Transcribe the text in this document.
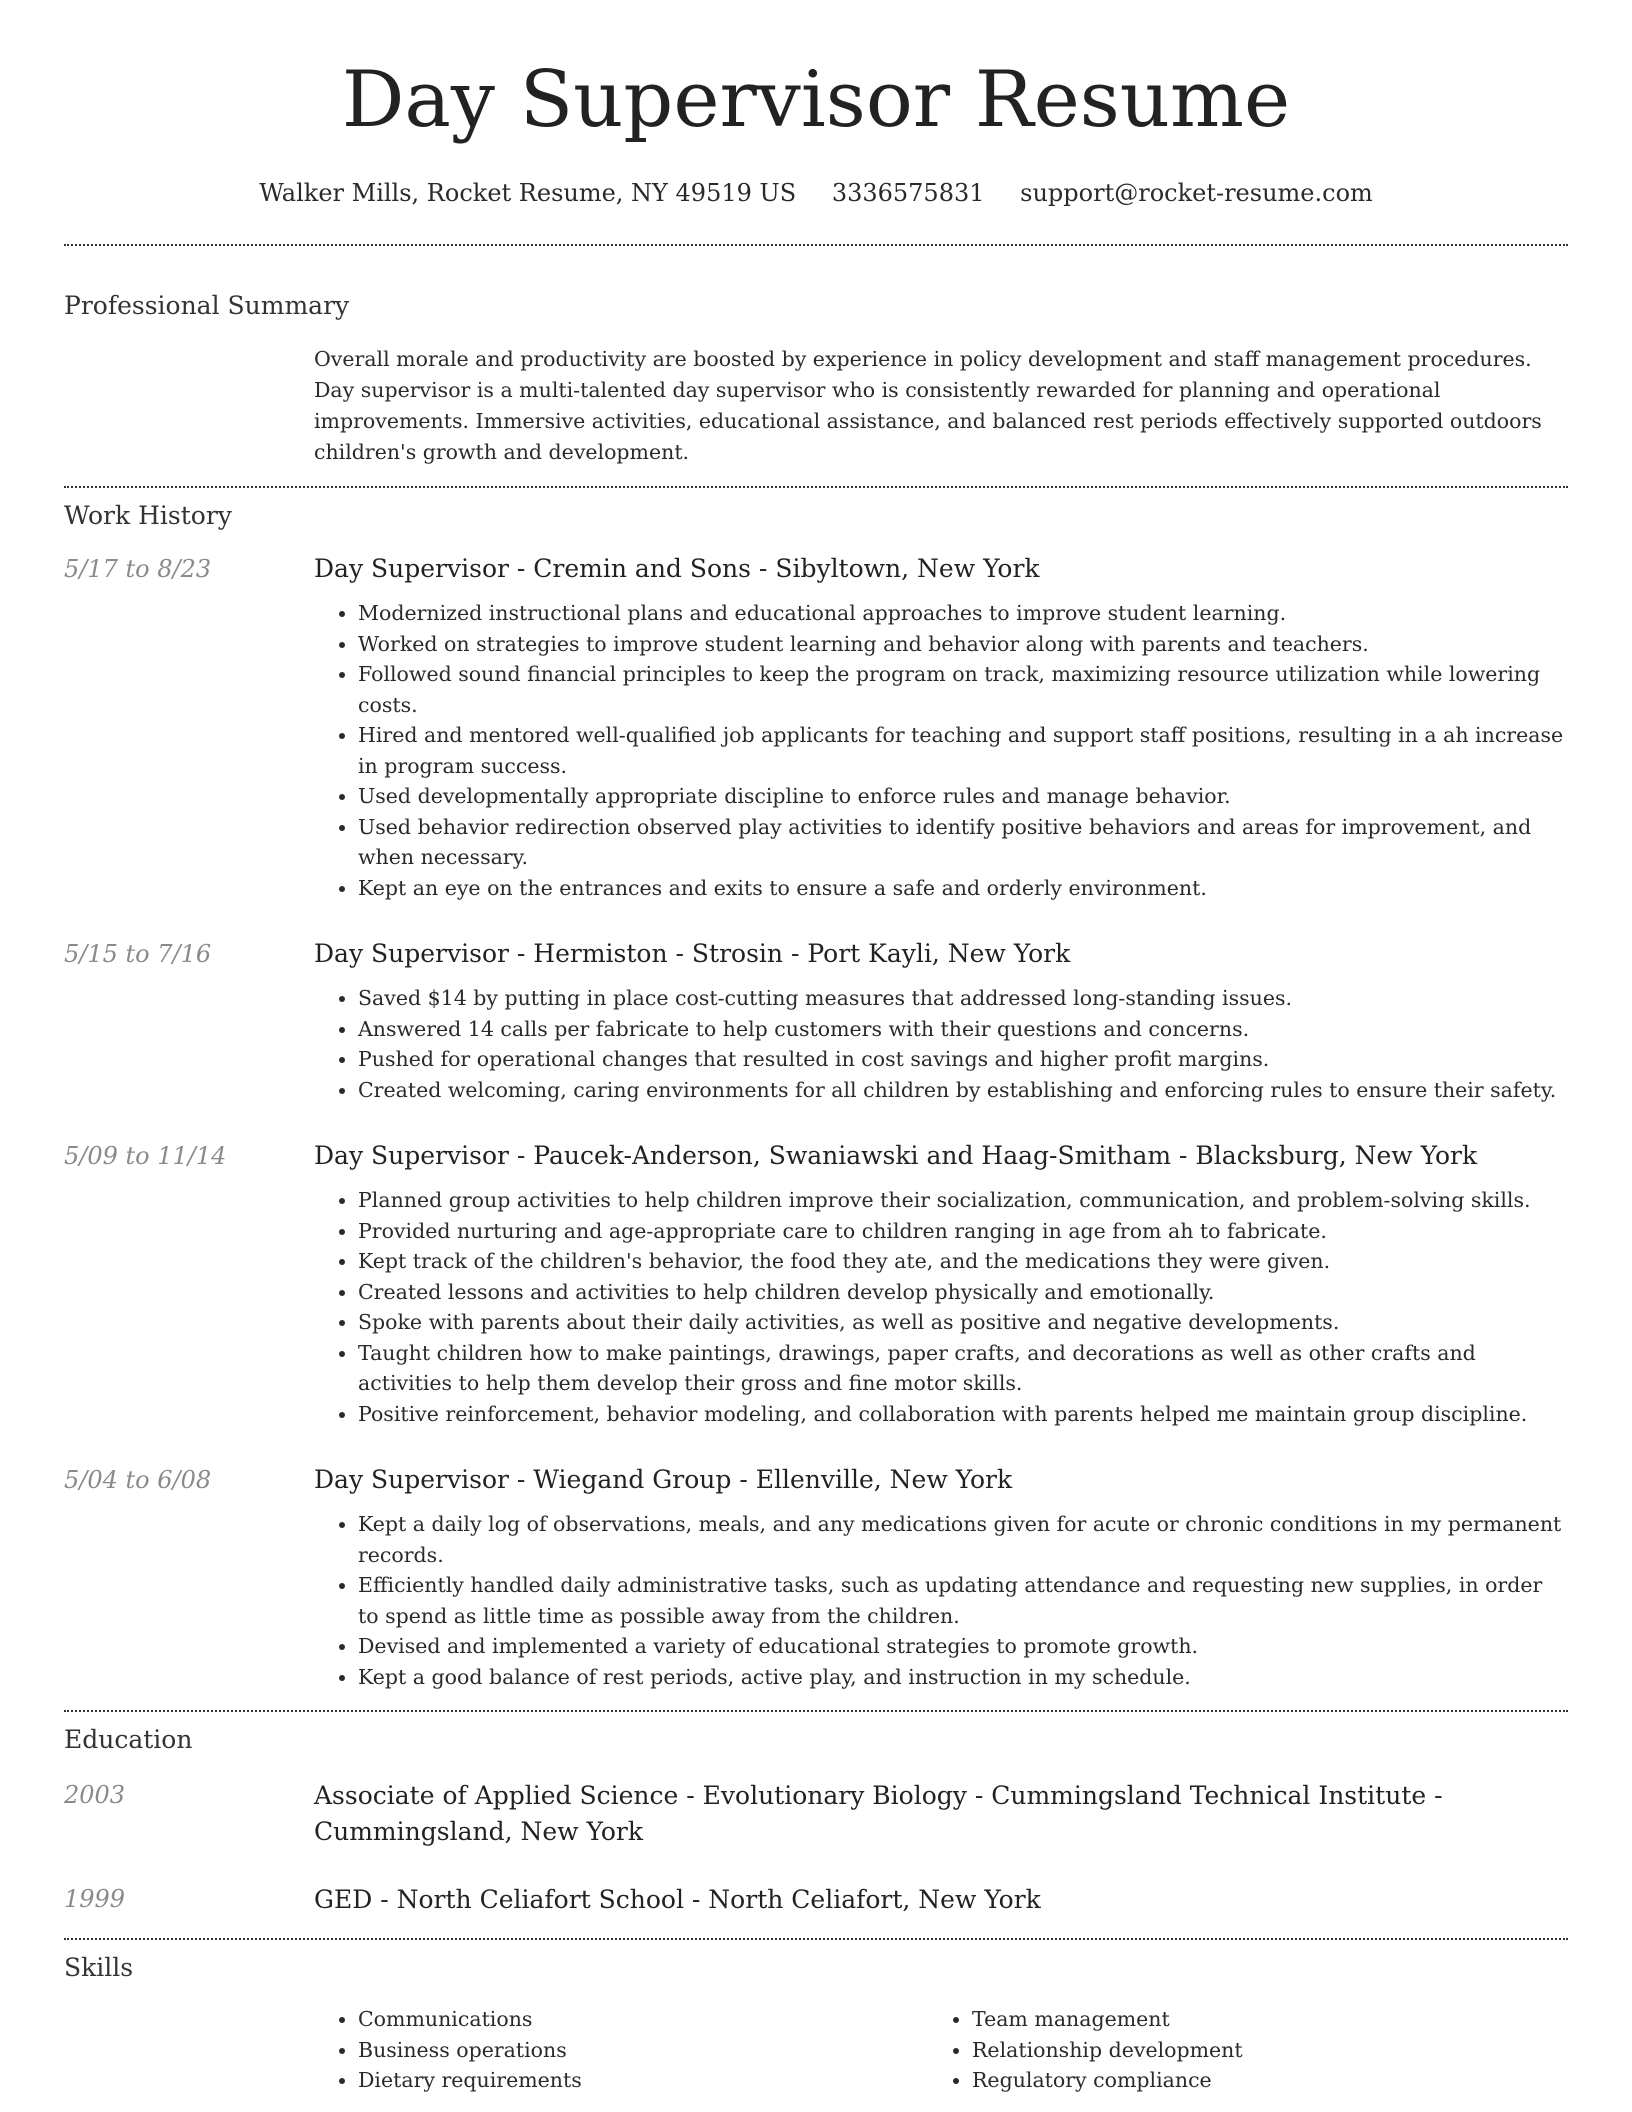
Day Supervisor Resume
Walker Mills, Rocket Resume, NY 49519 US 3336575831 support@rocket-resume.com
Professional Summary
Overall morale and productivity are boosted by experience in policy development and staff management procedures. Day supervisor is a multi-talented day supervisor who is consistently rewarded for planning and operational improvements. Immersive activities, educational assistance, and balanced rest periods effectively supported outdoors children's growth and development.
Work History
5/17 to 8/23	Day Supervisor - Cremin and Sons - Sibyltown, New York
• Modernized instructional plans and educational approaches to improve student learning.
• Worked on strategies to improve student learning and behavior along with parents and teachers.
• Followed sound financial principles to keep the program on track, maximizing resource utilization while lowering costs.
• Hired and mentored well-qualified job applicants for teaching and support staff positions, resulting in a ah increase in program success.
• Used developmentally appropriate discipline to enforce rules and manage behavior.
• Used behavior redirection observed play activities to identify positive behaviors and areas for improvement, and when necessary.
• Kept an eye on the entrances and exits to ensure a safe and orderly environment.
5/15 to 7/16	Day Supervisor - Hermiston - Strosin - Port Kayli, New York
• Saved $14 by putting in place cost-cutting measures that addressed long-standing issues.
• Answered 14 calls per fabricate to help customers with their questions and concerns.
• Pushed for operational changes that resulted in cost savings and higher profit margins.
• Created welcoming, caring environments for all children by establishing and enforcing rules to ensure their safety.
5/09 to 11/14	Day Supervisor - Paucek-Anderson, Swaniawski and Haag-Smitham - Blacksburg, New York
• Planned group activities to help children improve their socialization, communication, and problem-solving skills.
• Provided nurturing and age-appropriate care to children ranging in age from ah to fabricate.
• Kept track of the children's behavior, the food they ate, and the medications they were given.
• Created lessons and activities to help children develop physically and emotionally.
• Spoke with parents about their daily activities, as well as positive and negative developments.
• Taught children how to make paintings, drawings, paper crafts, and decorations as well as other crafts and activities to help them develop their gross and fine motor skills.
• Positive reinforcement, behavior modeling, and collaboration with parents helped me maintain group discipline.
5/04 to 6/08	Day Supervisor - Wiegand Group - Ellenville, New York
• Kept a daily log of observations, meals, and any medications given for acute or chronic conditions in my permanent records.
• Efficiently handled daily administrative tasks, such as updating attendance and requesting new supplies, in order to spend as little time as possible away from the children.
• Devised and implemented a variety of educational strategies to promote growth.
• Kept a good balance of rest periods, active play, and instruction in my schedule.
Education
2003	Associate of Applied Science - Evolutionary Biology - Cummingsland Technical Institute - Cummingsland, New York
1999	GED - North Celiafort School - North Celiafort, New York
Skills
• Communications
• Business operations
• Dietary requirements
• Team management
• Relationship development
• Regulatory compliance
